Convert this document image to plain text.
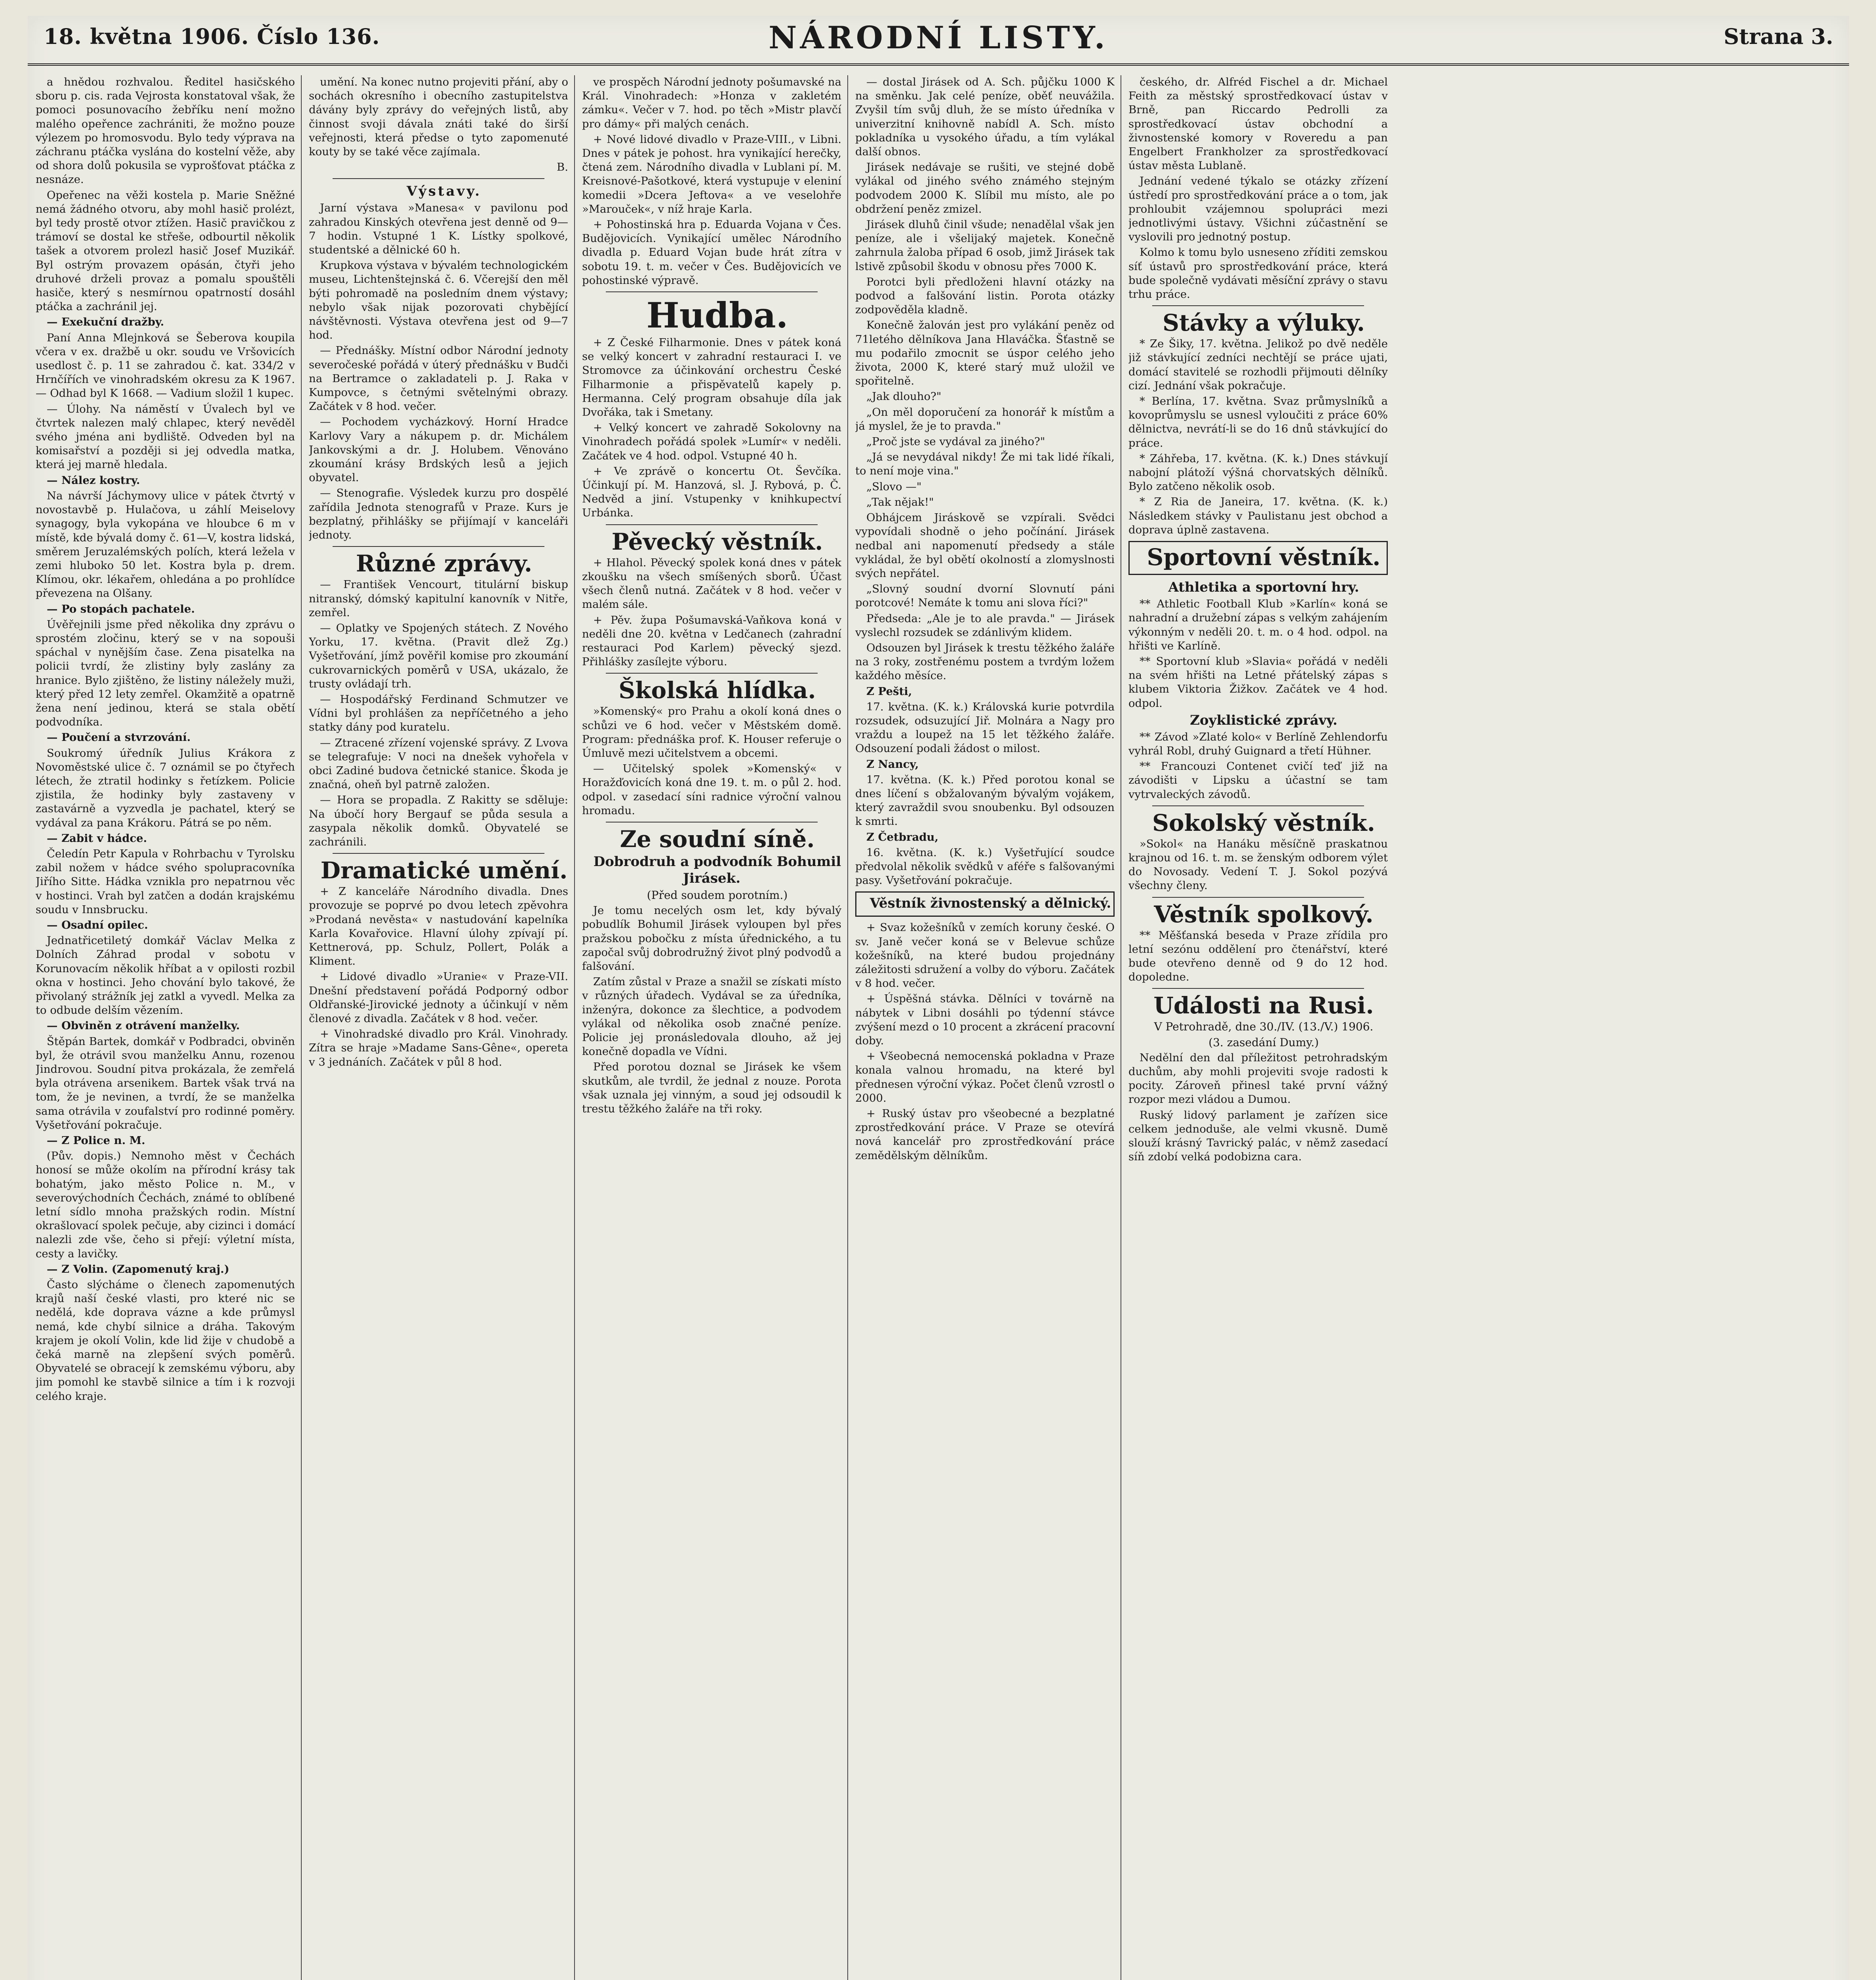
18. května 1906. Číslo 136.	NÁRODNÍ LISTY.	Strana 3.

a hnědou rozhvalou. Ředitel hasičského sboru p. cis. rada Vejrosta konstatoval však, že pomoci posunovacího žebříku není možno malého opeřence zachrániti, že možno pouze výlezem po hromosvodu. Bylo tedy výprava na záchranu ptáčka vyslána do kostelní věže, aby od shora dolů pokusila se vyprošťovat ptáčka z nesnáze.

Opeřenec na věži kostela p. Marie Sněžné nemá žádného otvoru, aby mohl hasič prolézt, byl tedy prostě otvor ztížen. Hasič pravičkou z trámoví se dostal ke střeše, odbourtil několik tašek a otvorem prolezl hasič Josef Muzikář. Byl ostrým provazem opásán, čtyři jeho druhové drželi provaz a pomalu spouštěli hasiče, který s nesmírnou opatrností dosáhl ptáčka a zachránil jej.

— Exekuční dražby.

Paní Anna Mlejnková se Šeberova koupila včera v ex. dražbě u okr. soudu ve Vršovicích usedlost č. p. 11 se zahradou č. kat. 334/2 v Hrnčířích ve vinohradském okresu za K 1967. — Odhad byl K 1668. — Vadium složil 1 kupec.

— Úlohy. Na náměstí v Úvalech byl ve čtvrtek nalezen malý chlapec, který nevěděl svého jména ani bydliště. Odveden byl na komisařství a později si jej odvedla matka, která jej marně hledala.

— Nález kostry.

Na návrší Jáchymovy ulice v pátek čtvrtý v novostavbě p. Hulačova, u záhlí Meiselovy synagogy, byla vykopána ve hloubce 6 m v místě, kde bývalá domy č. 61—V, kostra lidská, směrem Jeruzalémských polích, která ležela v zemi hluboko 50 let. Kostra byla p. drem. Klímou, okr. lékařem, ohledána a po prohlídce převezena na Olšany.

— Po stopách pachatele.

Úvěřejnili jsme před několika dny zprávu o sprostém zločinu, který se v na sopouši spáchal v nynějším čase. Zena pisatelka na policii tvrdí, že zlistiny byly zaslány za hranice. Bylo zjištěno, že listiny náležely muži, který před 12 lety zemřel. Okamžitě a opatrně žena není jedinou, která se stala obětí podvodníka.

— Poučení a stvrzování.

Soukromý úředník Julius Krákora z Novoměstské ulice č. 7 oznámil se po čtyřech létech, že ztratil hodinky s řetízkem. Policie zjistila, že hodinky byly zastaveny v zastavárně a vyzvedla je pachatel, který se vydával za pana Krákoru. Pátrá se po něm.

— Zabit v hádce.

Čeledín Petr Kapula v Rohrbachu v Tyrolsku zabil nožem v hádce svého spolupracovníka Jiřího Sitte. Hádka vznikla pro nepatrnou věc v hostinci. Vrah byl zatčen a dodán krajskému soudu v Innsbrucku.

— Osadní opilec.

Jednatřicetiletý domkář Václav Melka z Dolních Záhrad prodal v sobotu v Korunovacím několik hříbat a v opilosti rozbil okna v hostinci. Jeho chování bylo takové, že přivolaný strážník jej zatkl a vyvedl. Melka za to odbude delším vězením.

— Obviněn z otrávení manželky.

Štěpán Bartek, domkář v Podbradci, obviněn byl, že otrávil svou manželku Annu, rozenou Jindrovou. Soudní pitva prokázala, že zemřelá byla otrávena arsenikem. Bartek však trvá na tom, že je nevinen, a tvrdí, že se manželka sama otrávila v zoufalství pro rodinné poměry. Vyšetřování pokračuje.

— Z Police n. M.

(Pův. dopis.) Nemnoho měst v Čechách honosí se může okolím na přírodní krásy tak bohatým, jako město Police n. M., v severovýchodních Čechách, známé to oblíbené letní sídlo mnoha pražských rodin. Místní okrašlovací spolek pečuje, aby cizinci i domácí nalezli zde vše, čeho si přejí: výletní místa, cesty a lavičky.

— Z Volin. (Zapomenutý kraj.)

Často slýcháme o členech zapomenutých krajů naší české vlasti, pro které nic se nedělá, kde doprava vázne a kde průmysl nemá, kde chybí silnice a dráha. Takovým krajem je okolí Volin, kde lid žije v chudobě a čeká marně na zlepšení svých poměrů. Obyvatelé se obracejí k zemskému výboru, aby jim pomohl ke stavbě silnice a tím i k rozvoji celého kraje.

umění. Na konec nutno projeviti přání, aby o sochách okresního i obecního zastupitelstva dávány byly zprávy do veřejných listů, aby činnost svoji dávala znáti také do širší veřejnosti, která předse o tyto zapomenuté kouty by se také věce zajímala.

B.

Výstavy.

Jarní výstava »Manesa« v pavilonu pod zahradou Kinských otevřena jest denně od 9—7 hodin. Vstupné 1 K. Lístky spolkové, studentské a dělnické 60 h.

Krupkova výstava v bývalém technologickém museu, Lichtenštejnská č. 6. Včerejší den měl býti pohromadě na posledním dnem výstavy; nebylo však nijak pozorovati chybějící návštěvnosti. Výstava otevřena jest od 9—7 hod.

— Přednášky. Místní odbor Národní jednoty severočeské pořádá v úterý přednášku v Budči na Bertramce o zakladateli p. J. Raka v Kumpovce, s četnými světelnými obrazy. Začátek v 8 hod. večer.

— Pochodem vycházkový. Horní Hradce Karlovy Vary a nákupem p. dr. Michálem Jankovskými a dr. J. Holubem. Věnováno zkoumání krásy Brdských lesů a jejich obyvatel.

— Stenografie. Výsledek kurzu pro dospělé zařídila Jednota stenografů v Praze. Kurs je bezplatný, přihlášky se přijímají v kanceláři jednoty.

Různé zprávy.

— František Vencourt, titulární biskup nitranský, dómský kapitulní kanovník v Nitře, zemřel.

— Oplatky ve Spojených státech. Z Nového Yorku, 17. května. (Pravit dlež Zg.) Vyšetřování, jímž pověřil komise pro zkoumání cukrovarnických poměrů v USA, ukázalo, že trusty ovládají trh.

— Hospodářský Ferdinand Schmutzer ve Vídni byl prohlášen za nepříčetného a jeho statky dány pod kuratelu.

— Ztracené zřízení vojenské správy. Z Lvova se telegrafuje: V noci na dnešek vyhořela v obci Zadiné budova četnické stanice. Škoda je značná, oheň byl patrně založen.

— Hora se propadla. Z Rakitty se sděluje: Na úbočí hory Bergauf se půda sesula a zasypala několik domků. Obyvatelé se zachránili.

Dramatické umění.

+ Z kanceláře Národního divadla. Dnes provozuje se poprvé po dvou letech zpěvohra »Prodaná nevěsta« v nastudování kapelníka Karla Kovařovice. Hlavní úlohy zpívají pí. Kettnerová, pp. Schulz, Pollert, Polák a Kliment.

+ Lidové divadlo »Uranie« v Praze-VII. Dnešní představení pořádá Podporný odbor Oldřanské-Jirovické jednoty a účinkují v něm členové z divadla. Začátek v 8 hod. večer.

+ Vinohradské divadlo pro Král. Vinohrady. Zítra se hraje »Madame Sans-Gêne«, opereta v 3 jednáních. Začátek v půl 8 hod.

ve prospěch Národní jednoty pošumavské na Král. Vinohradech: »Honza v zakletém zámku«. Večer v 7. hod. po těch »Mistr plavčí pro dámy« při malých cenách.

+ Nové lidové divadlo v Praze-VIII., v Libni. Dnes v pátek je pohost. hra vynikající herečky, čtená zem. Národního divadla v Lublani pí. M. Kreisnové-Pašotkové, která vystupuje v eleniní komedii »Dcera Jeftova« a ve veseloh‍ře »Marouček«, v níž hraje Karla.

+ Pohostinská hra p. Eduarda Vojana v Čes. Budějovicích. Vynikající umělec Národního divadla p. Eduard Vojan bude hrát zítra v sobotu 19. t. m. večer v Čes. Budějovicích ve pohostinské výpravě.

Hudba.

+ Z České Filharmonie. Dnes v pátek koná se velký koncert v zahradní restauraci I. ve Stromovce za účinkování orchestru České Filharmonie a přispěvatelů kapely p. Hermanna. Celý program obsahuje díla jak Dvořáka, tak i Smetany.

+ Velký koncert ve zahradě Sokolovny na Vinohradech pořádá spolek »Lumír« v neděli. Začátek ve 4 hod. odpol. Vstupné 40 h.

+ Ve zprávě o koncertu Ot. Ševčíka. Účinkují pí. M. Hanzová, sl. J. Rybová, p. Č. Nedvěd a jiní. Vstupenky v knihkupectví Urbánka.

Pěvecký věstník.

+ Hlahol. Pěvecký spolek koná dnes v pátek zkoušku na všech smíšených sborů. Účast všech členů nutná. Začátek v 8 hod. večer v malém sále.

+ Pěv. župa Pošumavská-Vaňkova koná v neděli dne 20. května v Ledčanech (zahradní restauraci Pod Karlem) pěvecký sjezd. Přihlášky zasílejte výboru.

Školská hlídka.

»Komenský« pro Prahu a okolí koná dnes o schůzi ve 6 hod. večer v Městském domě. Program: přednáška prof. K. Houser referuje o Úmluvě mezi učitelstvem a obcemi.

— Učitelský spolek »Komenský« v Horažďovicích koná dne 19. t. m. o půl 2. hod. odpol. v zasedací síni radnice výroční valnou hromadu.

Ze soudní síně.

Dobrodruh a podvodník Bohumil Jirásek.

(Před soudem porotním.)

Je tomu necelých osm let, kdy bývalý pobudlík Bohumil Jirásek vyloupen byl přes pražskou pobočku z místa úřednického, a tu započal svůj dobrodružný život plný podvodů a falšování.

Zatím zůstal v Praze a snažil se získati místo v různých úřadech. Vydával se za úředníka, inženýra, dokonce za šlechtice, a podvodem vylákal od několika osob značné peníze. Policie jej pronásledovala dlouho, až jej konečně dopadla ve Vídni.

Před porotou doznal se Jirásek ke všem skutkům, ale tvrdil, že jednal z nouze. Porota však uznala jej vinným, a soud jej odsoudil k trestu těžkého žaláře na tři roky.

— dostal Jirásek od A. Sch. půjčku 1000 K na směnku. Jak celé peníze, oběť neuvážila. Zvyšil tím svůj dluh, že se místo úředníka v univerzitní knihovně nabídl A. Sch. místo pokladníka u vysokého úřadu, a tím vylákal další obnos.

Jirásek nedávaje se rušiti, ve stejné době vylákal od jiného svého známého stejným podvodem 2000 K. Slíbil mu místo, ale po obdržení peněz zmizel.

Jirásek dluhů činil všude; nenadělal však jen peníze, ale i všelijaký majetek. Konečně zahrnula žaloba případ 6 osob, jimž Jirásek tak lstivě způsobil škodu v obnosu přes 7000 K.

Porotci byli předloženi hlavní otázky na podvod a falšování listin. Porota otázky zodpověděla kladně.

Konečně žalován jest pro vylákání peněz od 71letého dělníkova Jana Hlaváčka. Šťastně se mu podařilo zmocnit se úspor celého jeho života, 2000 K, které starý muž uložil ve spořitelně.

„Jak dlouho?"

„On měl doporučení za honorář k místům a já myslel, že je to pravda."

„Proč jste se vydával za jiného?"

„Já se nevydával nikdy! Že mi tak lidé říkali, to není moje vina."

„Slovo —"

„Tak nějak!"

Obhájcem Jiráskově se vzpírali. Svědci vypovídali shodně o jeho počínání. Jirásek nedbal ani napomenutí předsedy a stále vykládal, že byl obětí okolností a zlomyslnosti svých nepřátel.

„Slovný soudní dvorní Slovnutí páni porotcové! Nemáte k tomu ani slova říci?"

Předseda: „Ale je to ale pravda." — Jirásek vyslechl rozsudek se zdánlivým klidem.

Odsouzen byl Jirásek k trestu těžkého žaláře na 3 roky, zostřenému postem a tvrdým ložem každého měsíce.

Z Pešti,

17. května. (K. k.) Královská kurie potvrdila rozsudek, odsuzující Jiř. Molnára a Nagy pro vraždu a loupež na 15 let těžkého žaláře. Odsouzení podali žádost o milost.

Z Nancy,

17. května. (K. k.) Před porotou konal se dnes líčení s obžalovaným bývalým vojákem, který zavraždil svou snoubenku. Byl odsouzen k smrti.

Z Četbradu,

16. května. (K. k.) Vyšetřující soudce předvolal několik svědků v aféře s falšovanými pasy. Vyšetřování pokračuje.

Věstník živnostenský a dělnický.

+ Svaz kožešníků v zemích koruny české. O sv. Janě večer koná se v Belevue schůze kožešníků, na které budou projednány záležitosti sdružení a volby do výboru. Začátek v 8 hod. večer.

+ Úspěšná stávka. Dělníci v továrně na nábytek v Libni dosáhli po týdenní stávce zvýšení mezd o 10 procent a zkrácení pracovní doby.

+ Všeobecná nemocenská pokladna v Praze konala valnou hromadu, na které byl přednesen výroční výkaz. Počet členů vzrostl o 2000.

+ Ruský ústav pro všeobecné a bezplatné zprostředkování práce. V Praze se otevírá nová kancelář pro zprostředkování práce zemědělským dělníkům.

českého, dr. Alfréd Fischel a dr. Michael Feith za městský sprostředkovací ústav v Brně, pan Riccardo Pedrolli za sprostředkovací ústav obchodní a živnostenské komory v Roveredu a pan Engelbert Frankholzer za sprostředkovací ústav města Lublaně.

Jednání vedené týkalo se otázky zřízení ústředí pro sprostředkování práce a o tom, jak prohloubit vzájemnou spolupráci mezi jednotlivými ústavy. Všichni zúčastnění se vyslovili pro jednotný postup.

Kolmo k tomu bylo usneseno zříditi zemskou síť ústavů pro sprostředkování práce, která bude společně vydávati měsíční zprávy o stavu trhu práce.

Stávky a výluky.

* Ze Šiky, 17. května. Jelikož po dvě neděle již stávkující zedníci nechtějí se práce ujati, domácí stavitelé se rozhodli přijmouti dělníky cizí. Jednání však pokračuje.

* Berlína, 17. května. Svaz průmyslníků a kovoprůmyslu se usnesl vyloučiti z práce 60% dělnictva, nevrátí-li se do 16 dnů stávkující do práce.

* Záhřeba, 17. května. (K. k.) Dnes stávkují nabojní plátoží výšná chorvatských dělníků. Bylo zatčeno několik osob.

* Z Ria de Janeira, 17. května. (K. k.) Následkem stávky v Paulistanu jest obchod a doprava úplně zastavena.

Sportovní věstník.

Athletika a sportovní hry.

** Athletic Football Klub »Karlín« koná se nahradní a družební zápas s velkým zahájením výkonným v neděli 20. t. m. o 4 hod. odpol. na hřišti ve Karlíně.

** Sportovní klub »Slavia« pořádá v neděli na svém hřišti na Letné přátelský zápas s klubem Viktoria Žižkov. Začátek ve 4 hod. odpol.

Zoyklistické zprávy.

** Závod »Zlaté kolo« v Berlíně Zehlendorfu vyhrál Robl, druhý Guignard a třetí Hühner.

** Francouzi Contenet cvičí teď již na závodišti v Lipsku a účastní se tam vytrvaleckých závodů.

Sokolský věstník.

»Sokol« na Hanáku měsíčně praskatnou krajnou od 16. t. m. se ženským odborem výlet do Novosady. Vedení T. J. Sokol pozývá všechny členy.

Věstník spolkový.

** Měšťanská beseda v Praze zřídila pro letní sezónu oddělení pro čtenářství, které bude otevřeno denně od 9 do 12 hod. dopoledne.

Události na Rusi.

V Petrohradě, dne 30./IV. (13./V.) 1906.

(3. zasedání Dumy.)

Nedělní den dal příležitost petrohradským duchům, aby mohli projeviti svoje radosti k pocity. Zároveň přinesl také první vážný rozpor mezi vládou a Dumou.

Ruský lidový parlament je zařízen sice celkem jednoduše, ale velmi vkusně. Dumě slouží krásný Tavrický palác, v němž zasedací síň zdobí velká podobizna cara.
